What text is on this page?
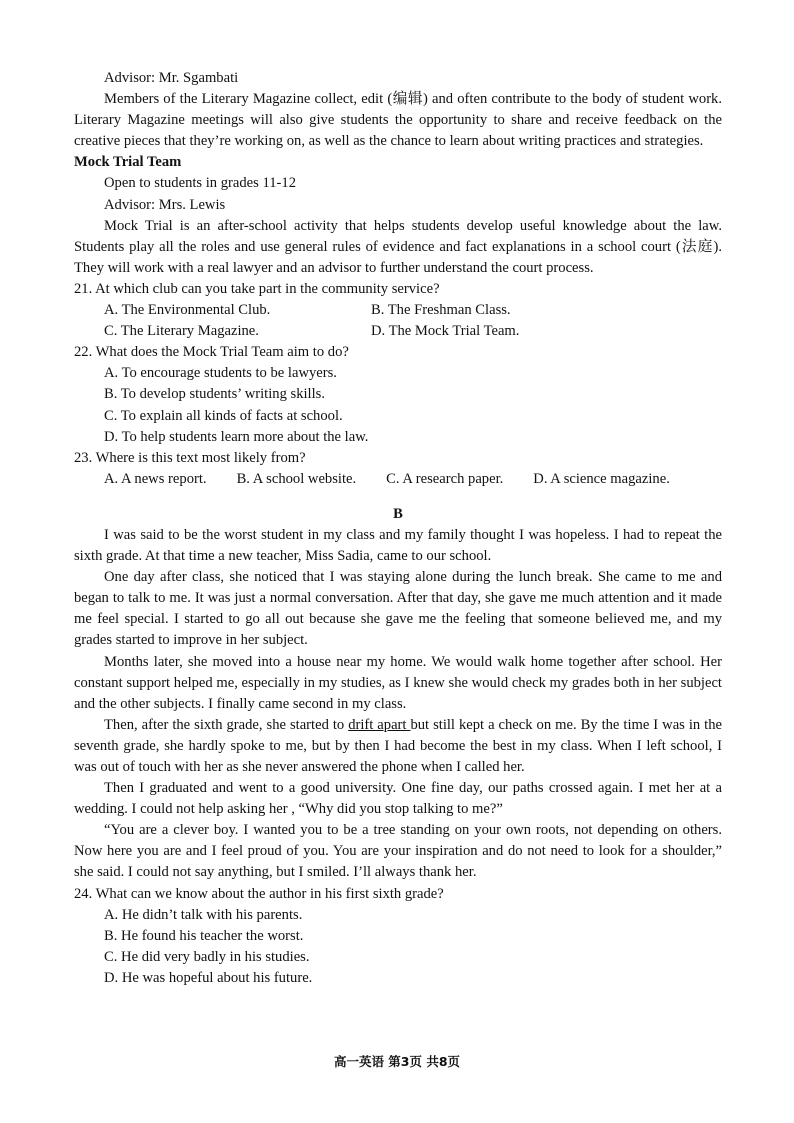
Advisor: Mr. Sgambati

Members of the Literary Magazine collect, edit (编辑) and often contribute to the body of student work. Literary Magazine meetings will also give students the opportunity to share and receive feedback on the creative pieces that they’re working on, as well as the chance to learn about writing practices and strategies.

Mock Trial Team

Open to students in grades 11-12

Advisor: Mrs. Lewis

Mock Trial is an after-school activity that helps students develop useful knowledge about the law. Students play all the roles and use general rules of evidence and fact explanations in a school court (法庭). They will work with a real lawyer and an advisor to further understand the court process.

21. At which club can you take part in the community service?

A. The Environmental Club.	B. The Freshman Class.
C. The Literary Magazine.	D. The Mock Trial Team.

22. What does the Mock Trial Team aim to do?

A. To encourage students to be lawyers.

B. To develop students’ writing skills.

C. To explain all kinds of facts at school.

D. To help students learn more about the law.

23. Where is this text most likely from?

A. A news report. B. A school website. C. A research paper. D. A science magazine.

B

I was said to be the worst student in my class and my family thought I was hopeless. I had to repeat the sixth grade. At that time a new teacher, Miss Sadia, came to our school.

One day after class, she noticed that I was staying alone during the lunch break. She came to me and began to talk to me. It was just a normal conversation. After that day, she gave me much attention and it made me feel special. I started to go all out because she gave me the feeling that someone believed me, and my grades started to improve in her subject.

Months later, she moved into a house near my home. We would walk home together after school. Her constant support helped me, especially in my studies, as I knew she would check my grades both in her subject and the other subjects. I finally came second in my class.

Then, after the sixth grade, she started to drift apart but still kept a check on me. By the time I was in the seventh grade, she hardly spoke to me, but by then I had become the best in my class. When I left school, I was out of touch with her as she never answered the phone when I called her.

Then I graduated and went to a good university. One fine day, our paths crossed again. I met her at a wedding. I could not help asking her , “Why did you stop talking to me?”

“You are a clever boy. I wanted you to be a tree standing on your own roots, not depending on others. Now here you are and I feel proud of you. You are your inspiration and do not need to look for a shoulder,” she said. I could not say anything, but I smiled. I’ll always thank her.

24. What can we know about the author in his first sixth grade?

A. He didn’t talk with his parents.

B. He found his teacher the worst.

C. He did very badly in his studies.

D. He was hopeful about his future.

高一英语 第3页 共8页
